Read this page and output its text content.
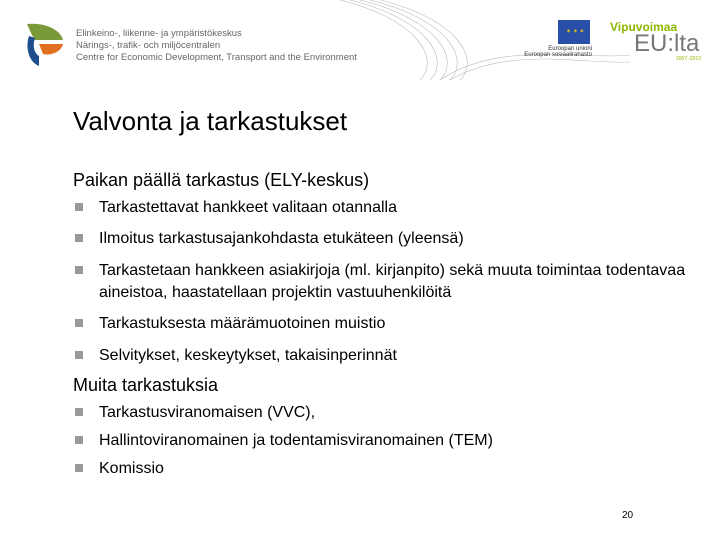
Elinkeino-, liikenne- ja ympäristökeskus
Närings-, trafik- och miljöcentralen
Centre for Economic Development, Transport and the Environment
✶ ✶ ✶
Euroopan unioni
Euroopan sosiaalirahasto
Vipuvoimaa
EU:lta
2007–2013
Valvonta ja tarkastukset
Paikan päällä tarkastus (ELY-keskus)
Tarkastettavat hankkeet valitaan otannalla
Ilmoitus tarkastusajankohdasta etukäteen (yleensä)
Tarkastetaan hankkeen asiakirjoja (ml. kirjanpito) sekä muuta toimintaa todentavaa aineistoa, haastatellaan projektin vastuuhenkilöitä
Tarkastuksesta määrämuotoinen muistio
Selvitykset, keskeytykset, takaisinperinnät
Muita tarkastuksia
Tarkastusviranomaisen (VVC),
Hallintoviranomainen ja todentamisviranomainen (TEM)
Komissio
20
